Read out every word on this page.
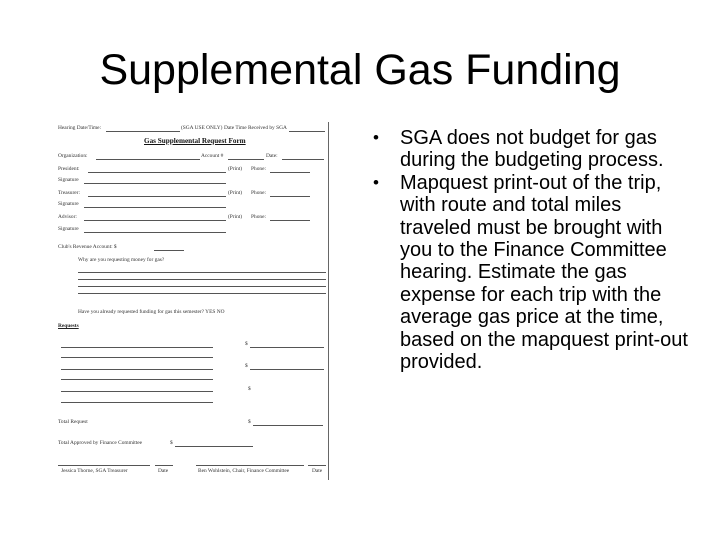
Supplemental Gas Funding
Hearing Date/Time:	(SGA USE ONLY) Date Time Received by SGA
Gas Supplemental Request Form
Organization:	Account #	Date:
President:	(Print) Phone:
Signature
Treasurer:	(Print) Phone:
Signature
Advisor:	(Print) Phone:
Signature
Club's Revenue Account: $
Why are you requesting money for gas?
Have you already requested funding for gas this semester? YES NO
Requests
$
$
$
Total Request	$
Total Approved by Finance Committee	$
Jessica Thorne, SGA Treasurer	Date	Ben Wohlstein, Chair, Finance Committee	Date
• SGA does not budget for gas during the budgeting process.
• Mapquest print-out of the trip, with route and total miles traveled must be brought with you to the Finance Committee hearing. Estimate the gas expense for each trip with the average gas price at the time, based on the mapquest print-out provided.
